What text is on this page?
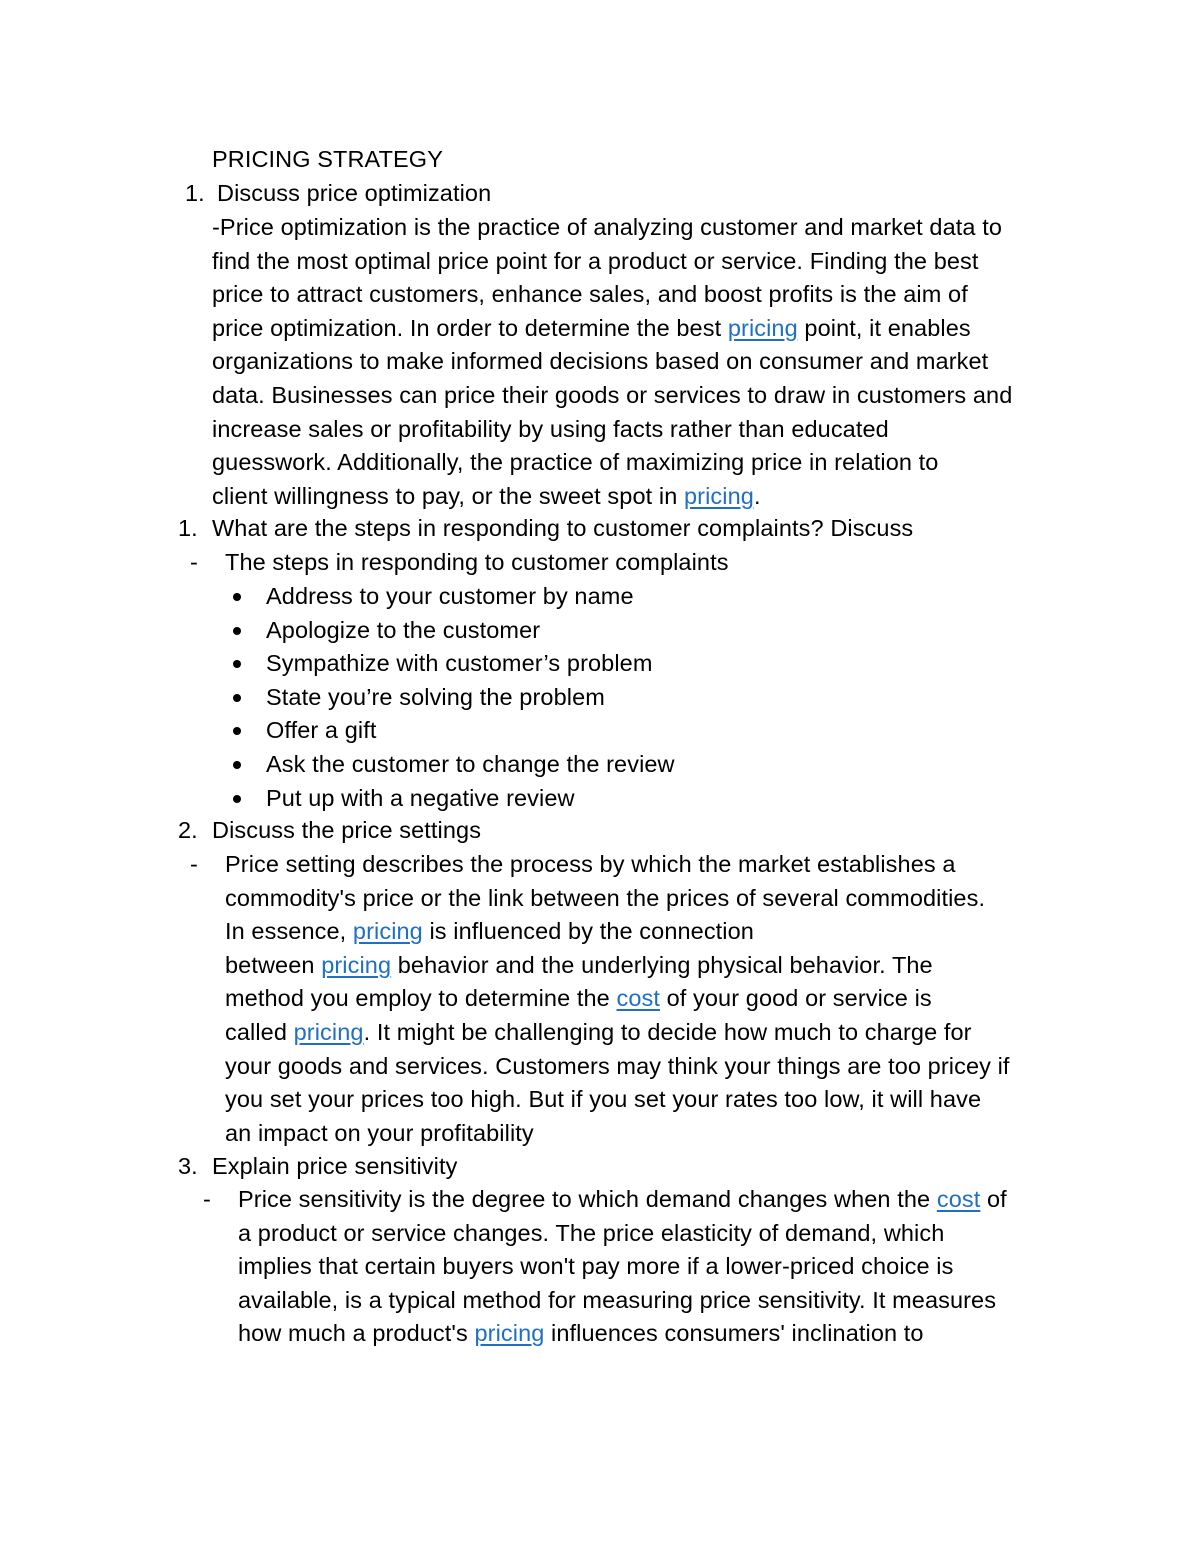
PRICING STRATEGY
1. Discuss price optimization
-Price optimization is the practice of analyzing customer and market data to
find the most optimal price point for a product or service. Finding the best
price to attract customers, enhance sales, and boost profits is the aim of
price optimization. In order to determine the best pricing point, it enables
organizations to make informed decisions based on consumer and market
data. Businesses can price their goods or services to draw in customers and
increase sales or profitability by using facts rather than educated
guesswork. Additionally, the practice of maximizing price in relation to
client willingness to pay, or the sweet spot in pricing.
1. What are the steps in responding to customer complaints? Discuss
- The steps in responding to customer complaints
Address to your customer by name
Apologize to the customer
Sympathize with customer’s problem
State you’re solving the problem
Offer a gift
Ask the customer to change the review
Put up with a negative review
2. Discuss the price settings
- Price setting describes the process by which the market establishes a
commodity's price or the link between the prices of several commodities.
In essence, pricing is influenced by the connection
between pricing behavior and the underlying physical behavior. The
method you employ to determine the cost of your good or service is
called pricing. It might be challenging to decide how much to charge for
your goods and services. Customers may think your things are too pricey if
you set your prices too high. But if you set your rates too low, it will have
an impact on your profitability
3. Explain price sensitivity
- Price sensitivity is the degree to which demand changes when the cost of
a product or service changes. The price elasticity of demand, which
implies that certain buyers won't pay more if a lower-priced choice is
available, is a typical method for measuring price sensitivity. It measures
how much a product's pricing influences consumers' inclination to
